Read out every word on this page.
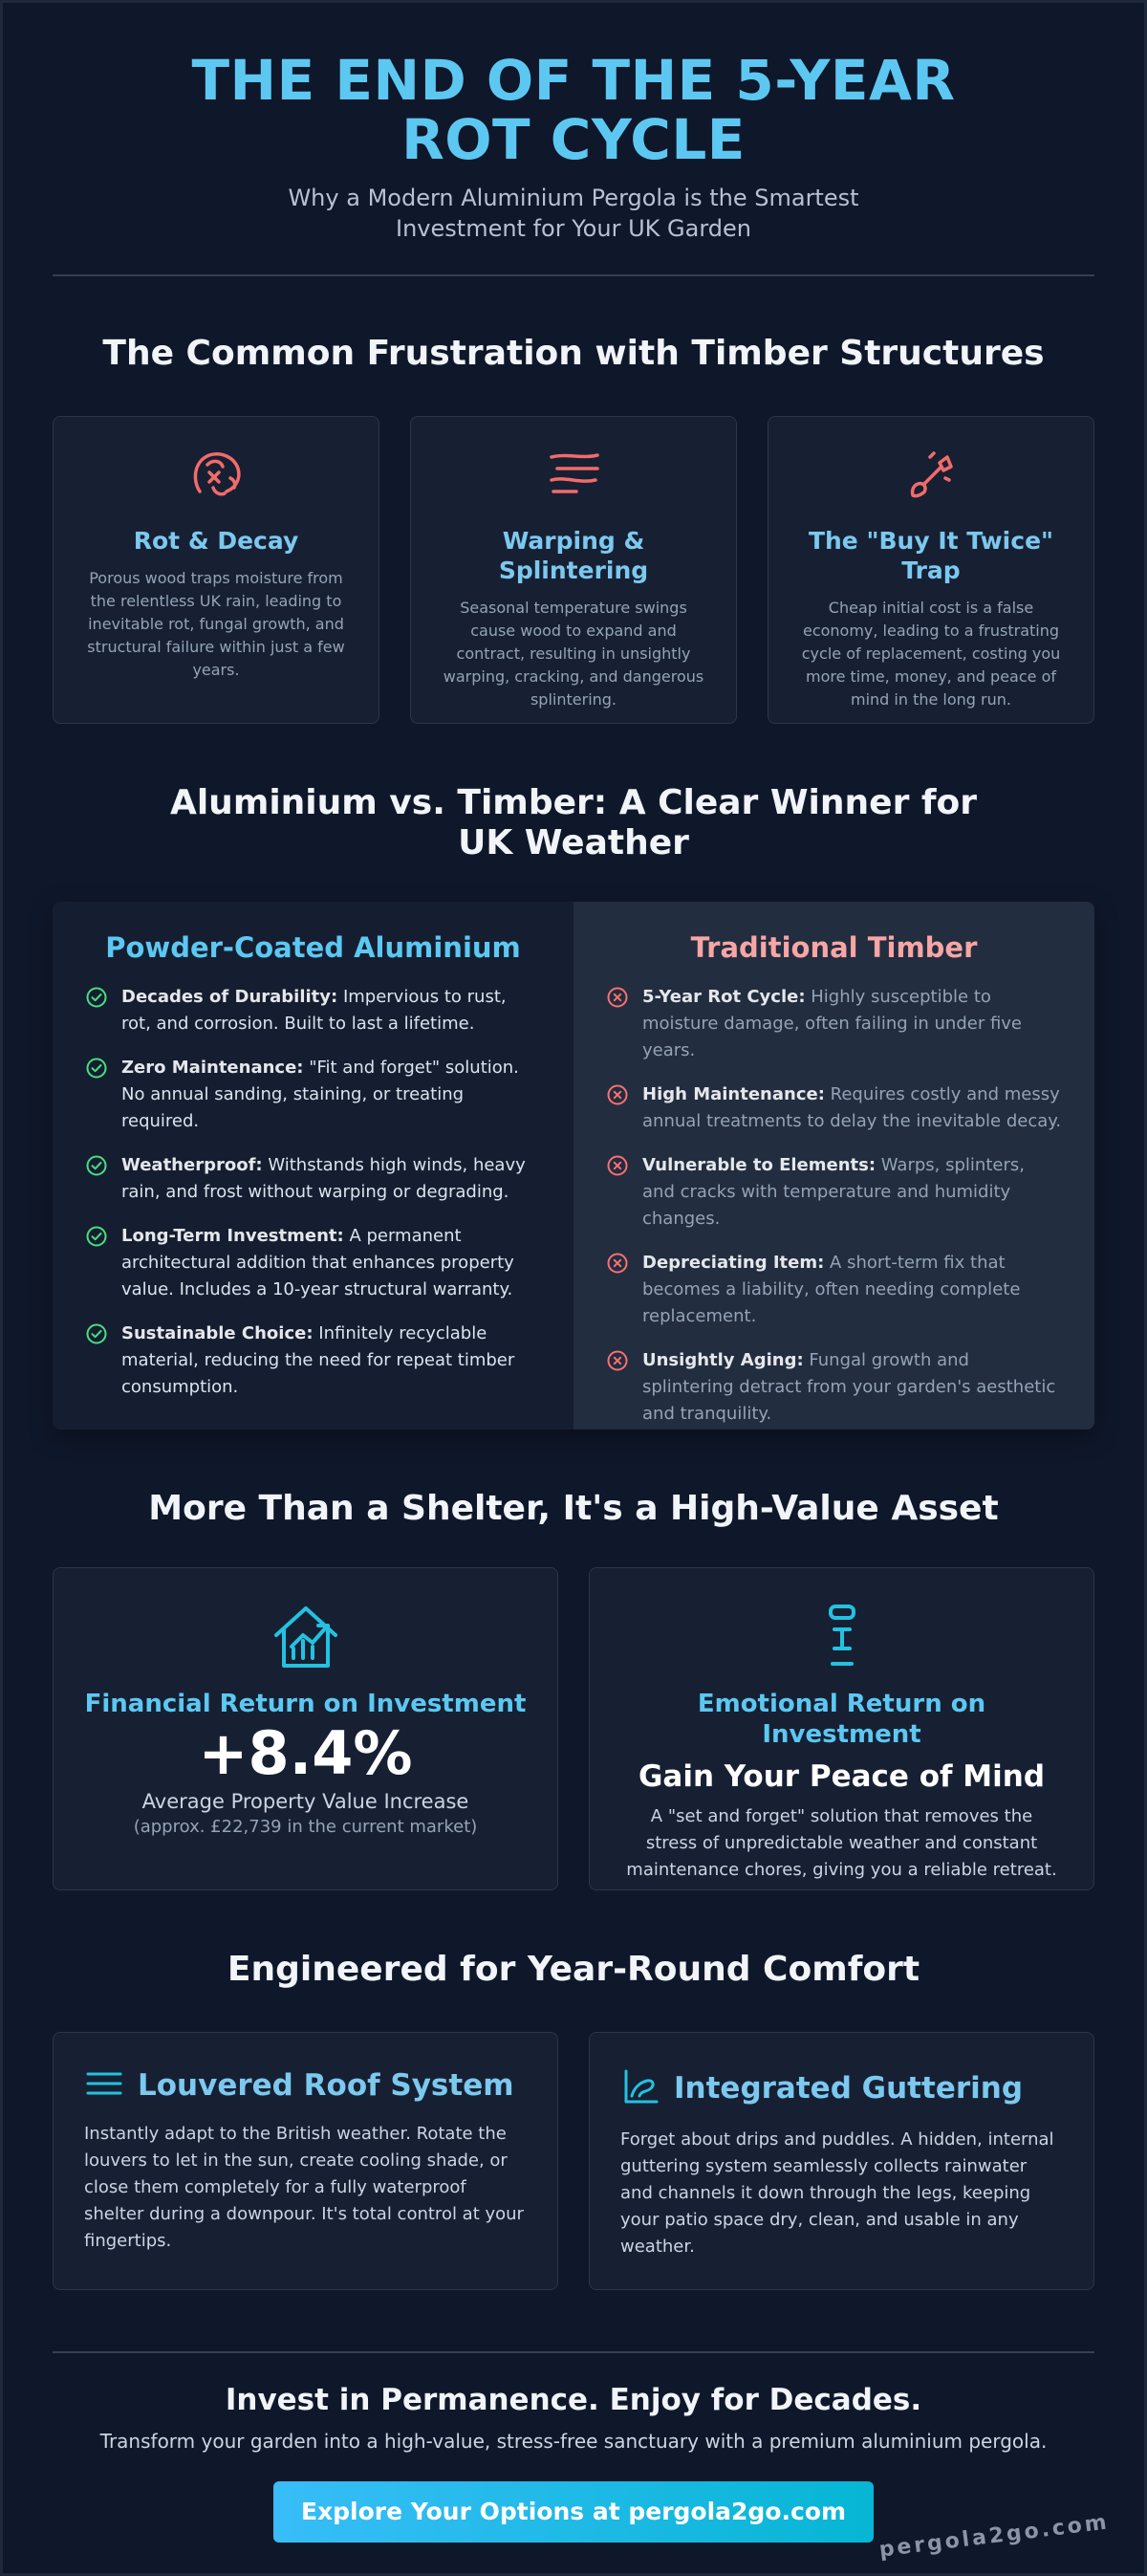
THE END OF THE 5-YEAR ROT CYCLE

Why a Modern Aluminium Pergola is the Smartest Investment for Your UK Garden

The Common Frustration with Timber Structures
Rot & Decay

Porous wood traps moisture from the relentless UK rain, leading to inevitable rot, fungal growth, and structural failure within just a few years.

Warping & Splintering

Seasonal temperature swings cause wood to expand and contract, resulting in unsightly warping, cracking, and dangerous splintering.

The "Buy It Twice" Trap

Cheap initial cost is a false economy, leading to a frustrating cycle of replacement, costing you more time, money, and peace of mind in the long run.

Aluminium vs. Timber: A Clear Winner for UK Weather
Powder-Coated Aluminium
Decades of Durability: Impervious to rust, rot, and corrosion. Built to last a lifetime.
Zero Maintenance: "Fit and forget" solution. No annual sanding, staining, or treating required.
Weatherproof: Withstands high winds, heavy rain, and frost without warping or degrading.
Long-Term Investment: A permanent architectural addition that enhances property value. Includes a 10-year structural warranty.
Sustainable Choice: Infinitely recyclable material, reducing the need for repeat timber consumption.
Traditional Timber
5-Year Rot Cycle: Highly susceptible to moisture damage, often failing in under five years.
High Maintenance: Requires costly and messy annual treatments to delay the inevitable decay.
Vulnerable to Elements: Warps, splinters, and cracks with temperature and humidity changes.
Depreciating Item: A short-term fix that becomes a liability, often needing complete replacement.
Unsightly Aging: Fungal growth and splintering detract from your garden's aesthetic and tranquility.
More Than a Shelter, It's a High-Value Asset
Financial Return on Investment
+8.4%
Average Property Value Increase
(approx. £22,739 in the current market)
Emotional Return on Investment
Gain Your Peace of Mind
A "set and forget" solution that removes the stress of unpredictable weather and constant maintenance chores, giving you a reliable retreat.
Engineered for Year-Round Comfort
Louvered Roof System

Instantly adapt to the British weather. Rotate the louvers to let in the sun, create cooling shade, or close them completely for a fully waterproof shelter during a downpour. It's total control at your fingertips.

Integrated Guttering

Forget about drips and puddles. A hidden, internal guttering system seamlessly collects rainwater and channels it down through the legs, keeping your patio space dry, clean, and usable in any weather.

Invest in Permanence. Enjoy for Decades.

Transform your garden into a high-value, stress-free sanctuary with a premium aluminium pergola.

Explore Your Options at pergola2go.com	pergola2go.com
